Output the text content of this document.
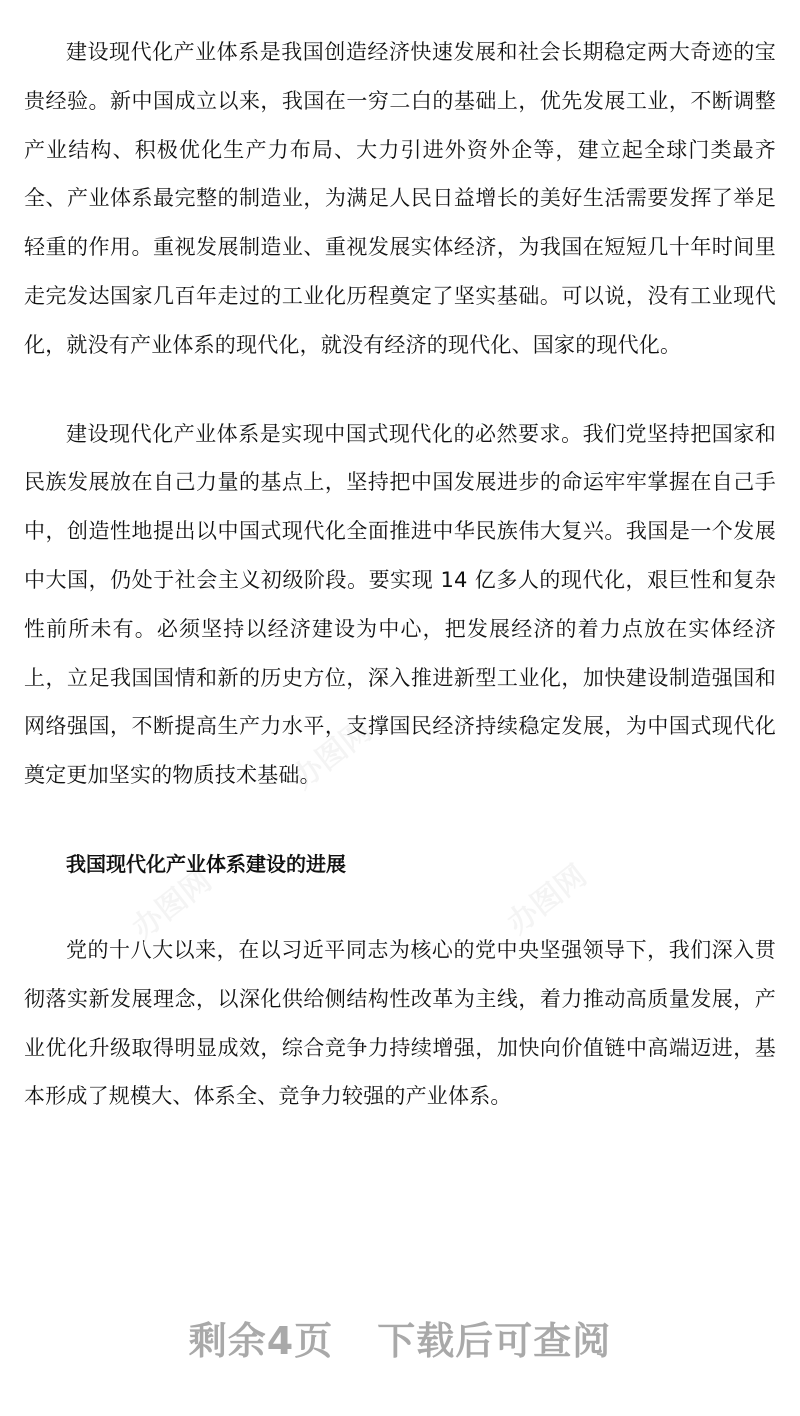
建设现代化产业体系是我国创造经济快速发展和社会长期稳定两大奇迹的宝贵经验。新中国成立以来，我国在一穷二白的基础上，优先发展工业，不断调整产业结构、积极优化生产力布局、大力引进外资外企等，建立起全球门类最齐全、产业体系最完整的制造业，为满足人民日益增长的美好生活需要发挥了举足轻重的作用。重视发展制造业、重视发展实体经济，为我国在短短几十年时间里走完发达国家几百年走过的工业化历程奠定了坚实基础。可以说，没有工业现代化，就没有产业体系的现代化，就没有经济的现代化、国家的现代化。

建设现代化产业体系是实现中国式现代化的必然要求。我们党坚持把国家和民族发展放在自己力量的基点上，坚持把中国发展进步的命运牢牢掌握在自己手中，创造性地提出以中国式现代化全面推进中华民族伟大复兴。我国是一个发展中大国，仍处于社会主义初级阶段。要实现 14 亿多人的现代化，艰巨性和复杂性前所未有。必须坚持以经济建设为中心，把发展经济的着力点放在实体经济上，立足我国国情和新的历史方位，深入推进新型工业化，加快建设制造强国和网络强国，不断提高生产力水平，支撑国民经济持续稳定发展，为中国式现代化奠定更加坚实的物质技术基础。

我国现代化产业体系建设的进展

党的十八大以来，在以习近平同志为核心的党中央坚强领导下，我们深入贯彻落实新发展理念，以深化供给侧结构性改革为主线，着力推动高质量发展，产业优化升级取得明显成效，综合竞争力持续增强，加快向价值链中高端迈进，基本形成了规模大、体系全、竞争力较强的产业体系。

剩余4页 下载后可查阅
